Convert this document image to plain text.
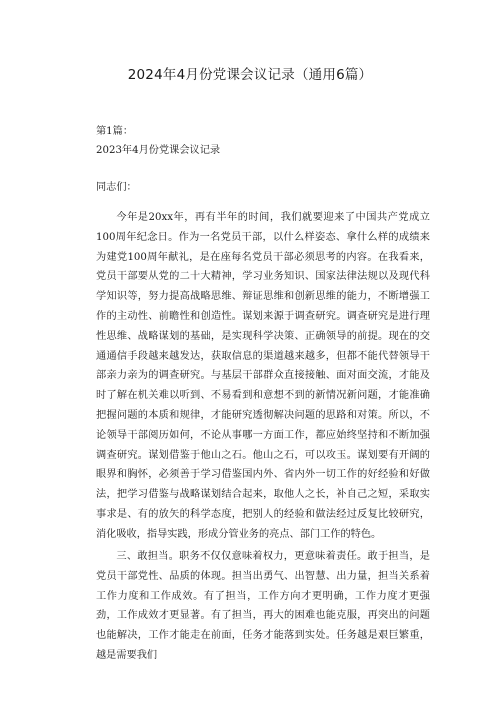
2024年4月份党课会议记录（通用6篇）
第1篇：
2023年4月份党课会议记录
同志们：
今年是20xx年，再有半年的时间，我们就要迎来了中国共产党成立100周年纪念日。作为一名党员干部，以什么样姿态、拿什么样的成绩来为建党100周年献礼，是在座每名党员干部必须思考的内容。在我看来，党员干部要从党的二十大精神，学习业务知识、国家法律法规以及现代科学知识等，努力提高战略思维、辩证思维和创新思维的能力，不断增强工作的主动性、前瞻性和创造性。谋划来源于调查研究。调查研究是进行理性思维、战略谋划的基础，是实现科学决策、正确领导的前提。现在的交通通信手段越来越发达，获取信息的渠道越来越多，但都不能代替领导干部亲力亲为的调查研究。与基层干部群众直接接触、面对面交流，才能及时了解在机关难以听到、不易看到和意想不到的新情况新问题，才能准确把握问题的本质和规律，才能研究透彻解决问题的思路和对策。所以，不论领导干部阅历如何，不论从事哪一方面工作，都应始终坚持和不断加强调查研究。谋划借鉴于他山之石。他山之石，可以攻玉。谋划要有开阔的眼界和胸怀，必须善于学习借鉴国内外、省内外一切工作的好经验和好做法，把学习借鉴与战略谋划结合起来，取他人之长，补自己之短，采取实事求是、有的放矢的科学态度，把别人的经验和做法经过反复比较研究，消化吸收，指导实践，形成分管业务的亮点、部门工作的特色。
三、敢担当。职务不仅仅意味着权力，更意味着责任。敢于担当，是党员干部党性、品质的体现。担当出勇气、出智慧、出力量，担当关系着工作力度和工作成效。有了担当，工作方向才更明确，工作力度才更强劲，工作成效才更显著。有了担当，再大的困难也能克服，再突出的问题也能解决，工作才能走在前面，任务才能落到实处。任务越是艰巨繁重，越是需要我们
